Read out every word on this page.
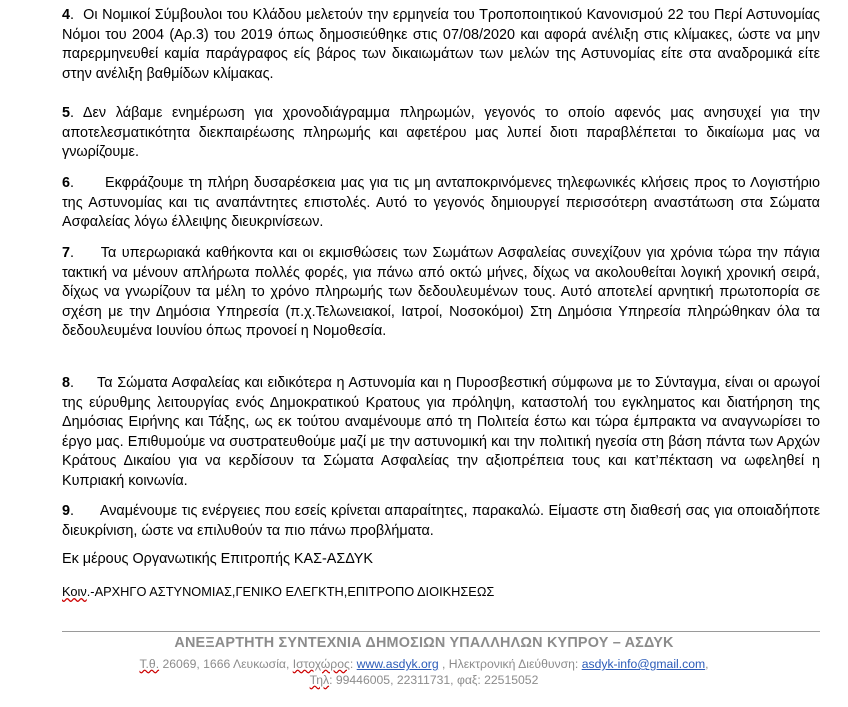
4.  Οι Νομικοί Σύμβουλοι του Κλάδου μελετούν την ερμηνεία του Τροποποιητικού Κανονισμού 22 του Περί Αστυνομίας Νόμοι του 2004 (Αρ.3) του 2019 όπως δημοσιεύθηκε στις 07/08/2020 και αφορά ανέλιξη στις κλίμακες, ώστε να μην παρερμηνευθεί καμία παράγραφος είς βάρος των δικαιωμάτων των μελών της Αστυνομίας είτε στα αναδρομικά είτε στην ανέλιξη βαθμίδων κλίμακας.

5. Δεν λάβαμε ενημέρωση για χρονοδιάγραμμα πληρωμών, γεγονός το οποίο αφενός μας ανησυχεί για την αποτελεσματικότητα διεκπαιρέωσης πληρωμής και αφετέρου μας λυπεί διοτι παραβλέπεται το δικαίωμα μας να γνωρίζουμε.

6.      Εκφράζουμε τη πλήρη δυσαρέσκεια μας για τις μη ανταποκρινόμενες τηλεφωνικές κλήσεις προς το Λογιστήριο της Αστυνομίας και τις αναπάντητες επιστολές. Αυτό το γεγονός δημιουργεί περισσότερη αναστάτωση στα Σώματα Ασφαλείας λόγω έλλειψης διευκρινίσεων.

7.     Τα υπερωριακά καθήκοντα και οι εκμισθώσεις των Σωμάτων Ασφαλείας συνεχίζουν για χρόνια τώρα την πάγια τακτική να μένουν απλήρωτα πολλές φορές, για πάνω από οκτώ μήνες, δίχως να ακολουθείται λογική χρονική σειρά, δίχως να γνωρίζουν τα μέλη το χρόνο πληρωμής των δεδουλευμένων τους. Αυτό αποτελεί αρνητική πρωτοπορία σε σχέση με την Δημόσια Υπηρεσία (π.χ.Τελωνειακοί, Ιατροί, Νοσοκόμοι) Στη Δημόσια Υπηρεσία πληρώθηκαν όλα τα δεδουλευμένα Ιουνίου όπως προνοεί η Νομοθεσία.

8.     Τα Σώματα Ασφαλείας και ειδικότερα η Αστυνομία και η Πυροσβεστική σύμφωνα με το Σύνταγμα, είναι οι αρωγοί της εύρυθμης λειτουργίας ενός Δημοκρατικού Κρατους για πρόληψη, καταστολή του εγκληματος και διατήρηση της Δημόσιας Ειρήνης και Τάξης, ως εκ τούτου αναμένουμε από τη Πολιτεία έστω και τώρα έμπρακτα να αναγνωρίσει το έργο μας. Επιθυμούμε να συστρατευθούμε μαζί με την αστυνομική και την πολιτική ηγεσία στη βάση πάντα των Αρχών Κράτους Δικαίου για να κερδίσουν τα Σώματα Ασφαλείας την αξιοπρέπεια τους και κατ’πέκταση να ωφεληθεί η Κυπριακή κοινωνία.

9.      Αναμένουμε τις ενέργειες που εσείς κρίνεται απαραίτητες, παρακαλώ. Είμαστε στη διαθεσή σας για οποιαδήποτε διευκρίνιση, ώστε να επιλυθούν τα πιο πάνω προβλήματα.

Εκ μέρους Οργανωτικής Επιτροπής ΚΑΣ-ΑΣΔΥΚ

Κοιν.-ΑΡΧΗΓΟ ΑΣΤΥΝΟΜΙΑΣ,ΓΕΝΙΚΟ ΕΛΕΓΚΤΗ,ΕΠΙΤΡΟΠΟ ΔΙΟΙΚΗΣΕΩΣ

ΑΝΕΞΑΡΤΗΤΗ ΣΥΝΤΕΧΝΙΑ ΔΗΜΟΣΙΩΝ ΥΠΑΛΛΗΛΩΝ ΚΥΠΡΟΥ – ΑΣΔΥΚ
Τ.θ. 26069, 1666 Λευκωσία, Ιστοχώρος: www.asdyk.org , Ηλεκτρονική Διεύθυνση: asdyk-info@gmail.com,
Τηλ: 99446005, 22311731, φαξ: 22515052
